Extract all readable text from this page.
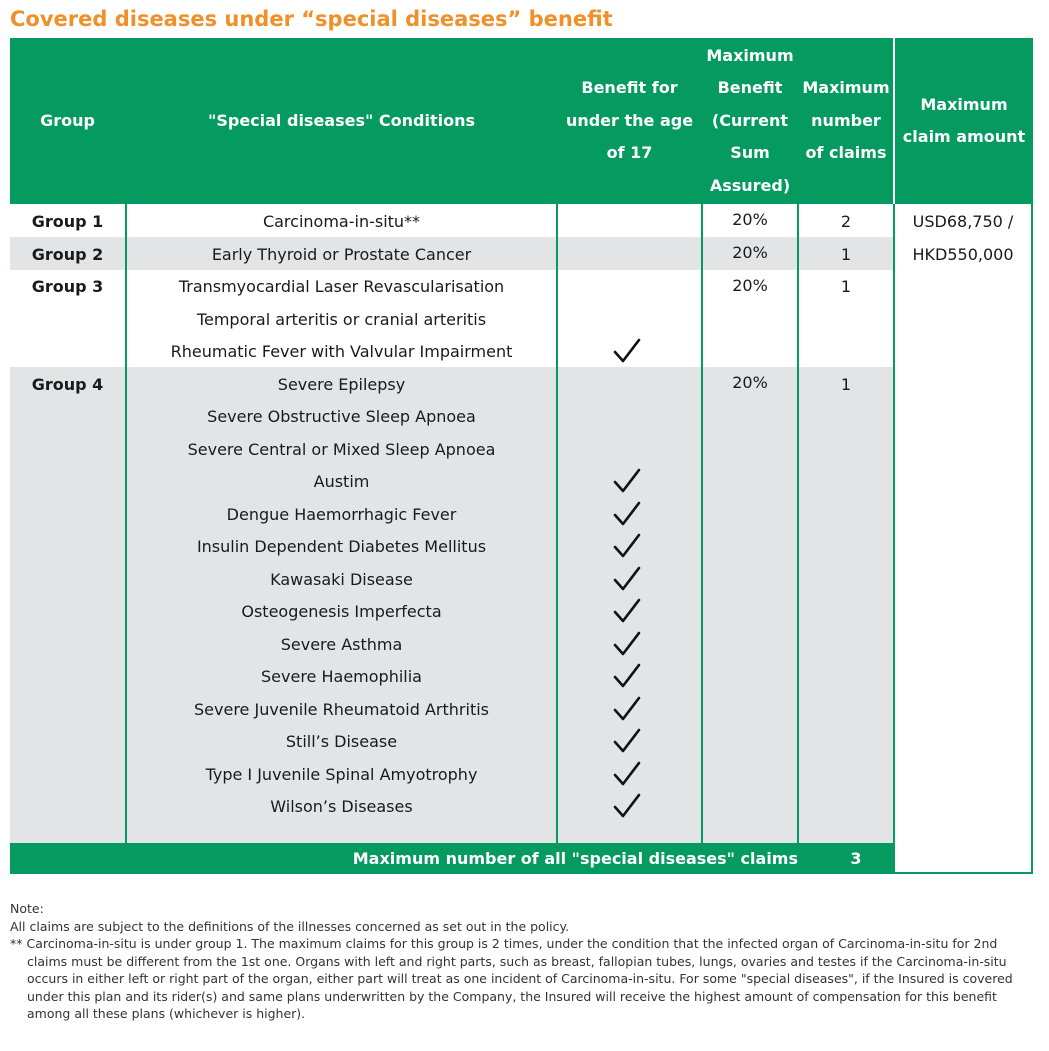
Covered diseases under “special diseases” benefit
Group	"Special diseases" Conditions
Benefit for
under the age
of 17
Maximum
Benefit
(Current
Sum
Assured)
Maximum
number
of claims
Maximum
claim amount
Group 1
Group 2
Group 3
Group 4
20%
20%
20%
20%
2
1
1
1
USD68,750 /
HKD550,000
Carcinoma-in-situ**
Early Thyroid or Prostate Cancer
Transmyocardial Laser Revascularisation
Temporal arteritis or cranial arteritis
Rheumatic Fever with Valvular Impairment
Severe Epilepsy
Severe Obstructive Sleep Apnoea
Severe Central or Mixed Sleep Apnoea
Austim
Dengue Haemorrhagic Fever
Insulin Dependent Diabetes Mellitus
Kawasaki Disease
Osteogenesis Imperfecta
Severe Asthma
Severe Haemophilia
Severe Juvenile Rheumatoid Arthritis
Still’s Disease
Type I Juvenile Spinal Amyotrophy
Wilson’s Diseases
Maximum number of all "special diseases" claims	3
Note:
All claims are subject to the definitions of the illnesses concerned as set out in the policy.
** Carcinoma-in-situ is under group 1. The maximum claims for this group is 2 times, under the condition that the infected organ of Carcinoma-in-situ for 2nd claims must be different from the 1st one. Organs with left and right parts, such as breast, fallopian tubes, lungs, ovaries and testes if the Carcinoma-in-situ occurs in either left or right part of the organ, either part will treat as one incident of Carcinoma-in-situ. For some "special diseases", if the Insured is covered under this plan and its rider(s) and same plans underwritten by the Company, the Insured will receive the highest amount of compensation for this benefit among all these plans (whichever is higher).
